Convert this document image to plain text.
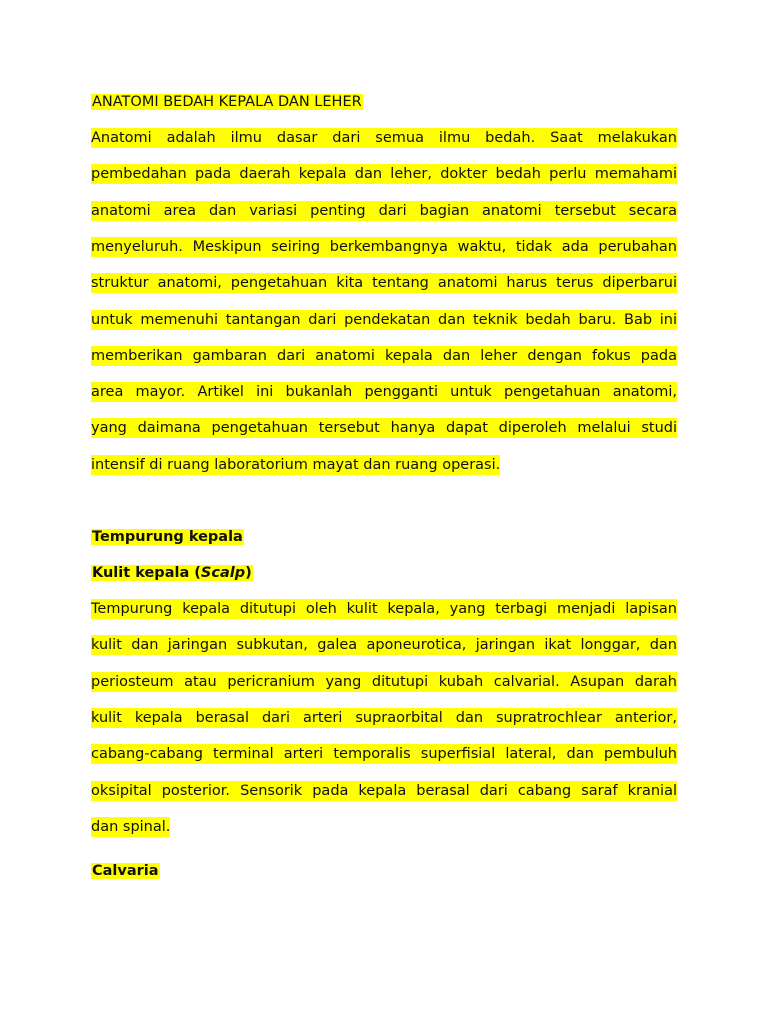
ANATOMI BEDAH KEPALA DAN LEHER
Anatomi adalah ilmu dasar dari semua ilmu bedah. Saat melakukan
pembedahan pada daerah kepala dan leher, dokter bedah perlu memahami
anatomi area dan variasi penting dari bagian anatomi tersebut secara
menyeluruh. Meskipun seiring berkembangnya waktu, tidak ada perubahan
struktur anatomi, pengetahuan kita tentang anatomi harus terus diperbarui
untuk memenuhi tantangan dari pendekatan dan teknik bedah baru. Bab ini
memberikan gambaran dari anatomi kepala dan leher dengan fokus pada
area mayor. Artikel ini bukanlah pengganti untuk pengetahuan anatomi,
yang daimana pengetahuan tersebut hanya dapat diperoleh melalui studi
intensif di ruang laboratorium mayat dan ruang operasi.
Tempurung kepala
Kulit kepala (Scalp)
Tempurung kepala ditutupi oleh kulit kepala, yang terbagi menjadi lapisan
kulit dan jaringan subkutan, galea aponeurotica, jaringan ikat longgar, dan
periosteum atau pericranium yang ditutupi kubah calvarial. Asupan darah
kulit kepala berasal dari arteri supraorbital dan supratrochlear anterior,
cabang-cabang terminal arteri temporalis superfisial lateral, dan pembuluh
oksipital posterior. Sensorik pada kepala berasal dari cabang saraf kranial
dan spinal.
Calvaria
